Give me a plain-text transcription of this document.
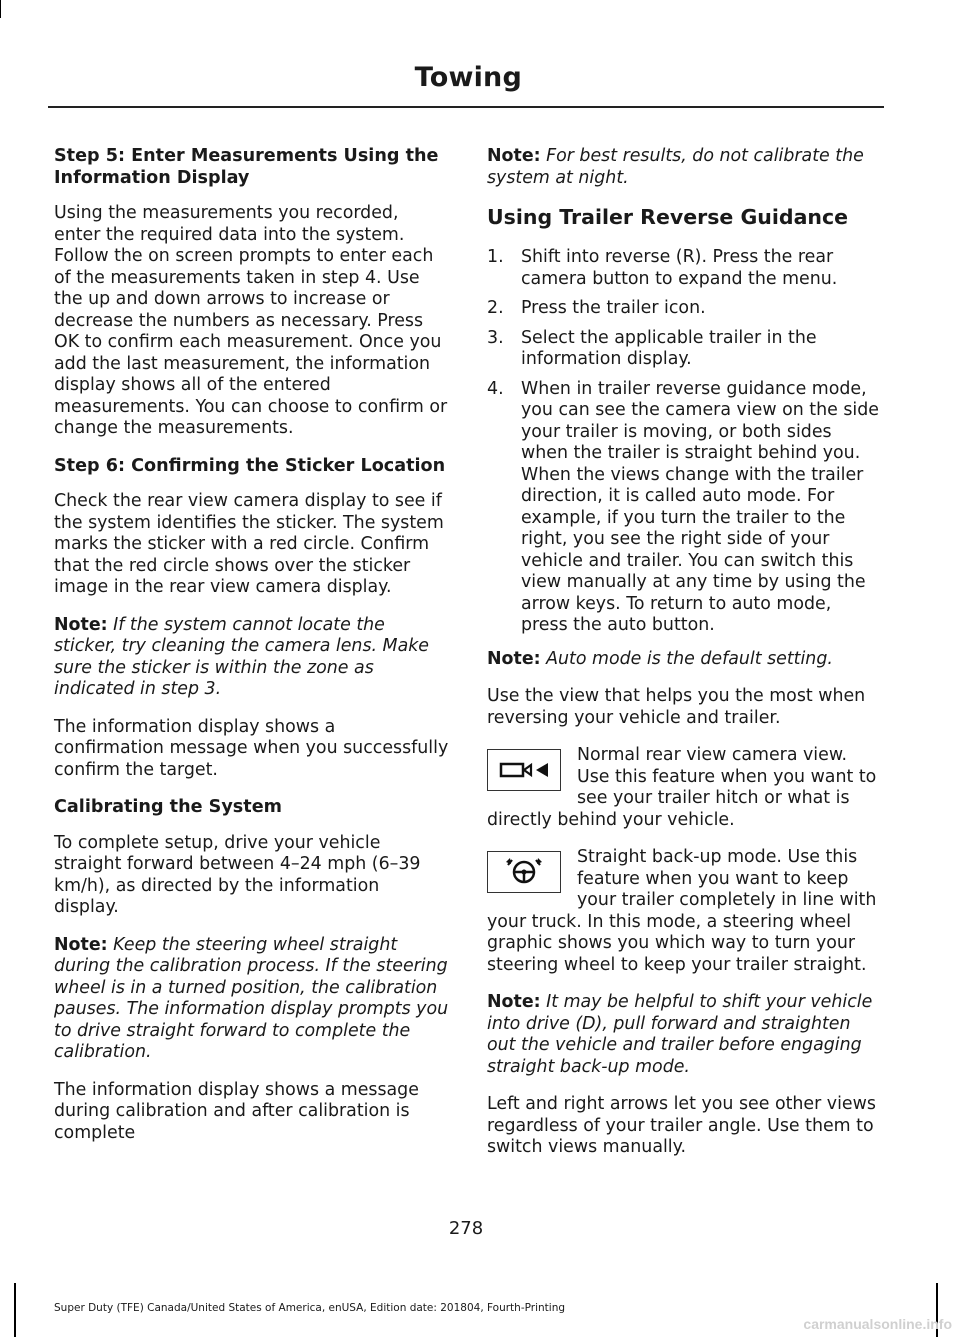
Towing
Step 5: Enter Measurements Using the Information Display

Using the measurements you recorded, enter the required data into the system. Follow the on screen prompts to enter each of the measurements taken in step 4. Use the up and down arrows to increase or decrease the numbers as necessary. Press OK to confirm each measurement. Once you add the last measurement, the information display shows all of the entered measurements. You can choose to confirm or change the measurements.

Step 6: Confirming the Sticker Location

Check the rear view camera display to see if the system identifies the sticker. The system marks the sticker with a red circle. Confirm that the red circle shows over the sticker image in the rear view camera display.

Note: If the system cannot locate the sticker, try cleaning the camera lens. Make sure the sticker is within the zone as indicated in step 3.

The information display shows a confirmation message when you successfully confirm the target.

Calibrating the System

To complete setup, drive your vehicle straight forward between 4–24 mph (6–39 km/h), as directed by the information display.

Note: Keep the steering wheel straight during the calibration process. If the steering wheel is in a turned position, the calibration pauses. The information display prompts you to drive straight forward to complete the calibration.

The information display shows a message during calibration and after calibration is complete

Note: For best results, do not calibrate the system at night.

Using Trailer Reverse Guidance
1. Shift into reverse (R). Press the rear camera button to expand the menu.
2. Press the trailer icon.
3. Select the applicable trailer in the information display.
4. When in trailer reverse guidance mode, you can see the camera view on the side your trailer is moving, or both sides when the trailer is straight behind you. When the views change with the trailer direction, it is called auto mode. For example, if you turn the trailer to the right, you see the right side of your vehicle and trailer. You can switch this view manually at any time by using the arrow keys. To return to auto mode, press the auto button.

Note: Auto mode is the default setting.

Use the view that helps you the most when reversing your vehicle and trailer.

Normal rear view camera view. Use this feature when you want to see your trailer hitch or what is directly behind your vehicle.
Straight back-up mode. Use this feature when you want to keep your trailer completely in line with your truck. In this mode, a steering wheel graphic shows you which way to turn your steering wheel to keep your trailer straight.

Note: It may be helpful to shift your vehicle into drive (D), pull forward and straighten out the vehicle and trailer before engaging straight back-up mode.

Left and right arrows let you see other views regardless of your trailer angle. Use them to switch views manually.

278
Super Duty (TFE) Canada/United States of America, enUSA, Edition date: 201804, Fourth-Printing
carmanualsonline.info
